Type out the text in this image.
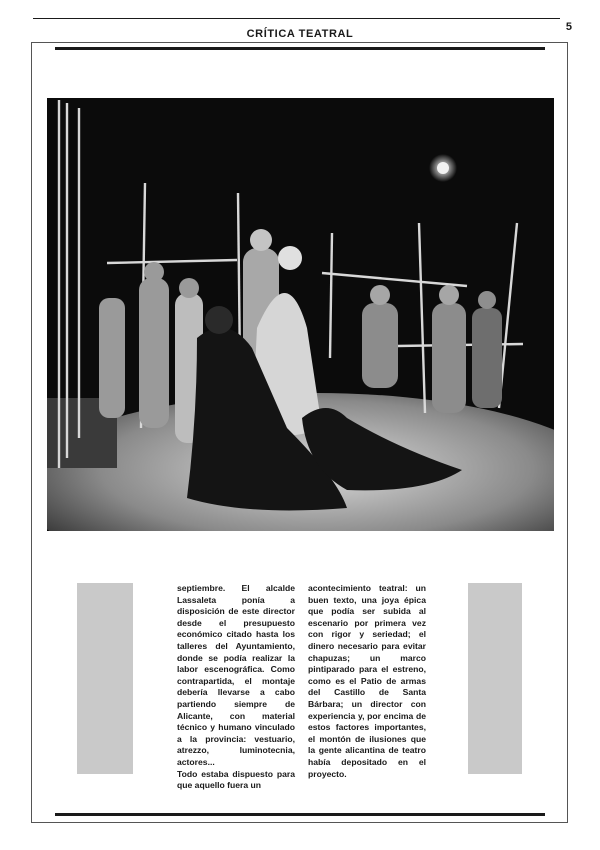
CRÍTICA TEATRAL
5
septiembre. El alcalde Lassaleta ponía a disposición de este director desde el presupuesto económico citado hasta los talleres del Ayuntamiento, donde se podía realizar la labor escenográfica. Como contrapartida, el montaje debería llevarse a cabo partiendo siempre de Alicante, con material técnico y humano vinculado a la provincia: vestuario, atrezzo, luminotecnia, actores...
Todo estaba dispuesto para que aquello fuera un
acontecimiento teatral: un buen texto, una joya épica que podía ser subida al escenario por primera vez con rigor y seriedad; el dinero necesario para evitar chapuzas; un marco pintiparado para el estreno, como es el Patio de armas del Castillo de Santa Bárbara; un director con experiencia y, por encima de estos factores importantes, el montón de ilusiones que la gente alicantina de teatro había depositado en el proyecto.
